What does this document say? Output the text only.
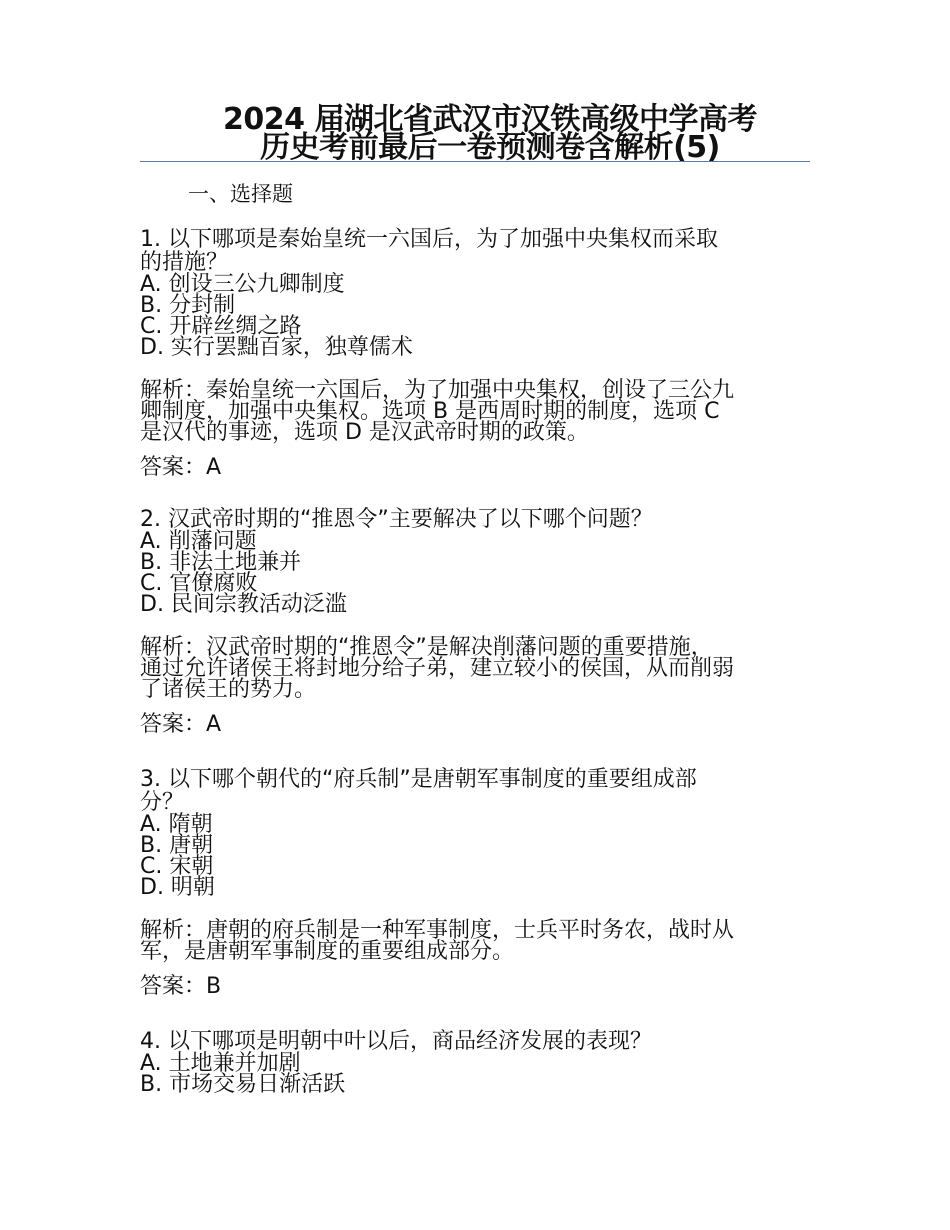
2024 届湖北省武汉市汉铁高级中学高考
历史考前最后一卷预测卷含解析(5)
一、选择题
1. 以下哪项是秦始皇统一六国后，为了加强中央集权而采取
的措施？
A. 创设三公九卿制度
B. 分封制
C. 开辟丝绸之路
D. 实行罢黜百家，独尊儒术
解析：秦始皇统一六国后，为了加强中央集权，创设了三公九
卿制度，加强中央集权。选项 B 是西周时期的制度，选项 C
是汉代的事迹，选项 D 是汉武帝时期的政策。
答案：A
2. 汉武帝时期的“推恩令”主要解决了以下哪个问题？
A. 削藩问题
B. 非法土地兼并
C. 官僚腐败
D. 民间宗教活动泛滥
解析：汉武帝时期的“推恩令”是解决削藩问题的重要措施，
通过允许诸侯王将封地分给子弟，建立较小的侯国，从而削弱
了诸侯王的势力。
答案：A
3. 以下哪个朝代的“府兵制”是唐朝军事制度的重要组成部
分？
A. 隋朝
B. 唐朝
C. 宋朝
D. 明朝
解析：唐朝的府兵制是一种军事制度，士兵平时务农，战时从
军，是唐朝军事制度的重要组成部分。
答案：B
4. 以下哪项是明朝中叶以后，商品经济发展的表现？
A. 土地兼并加剧
B. 市场交易日渐活跃
